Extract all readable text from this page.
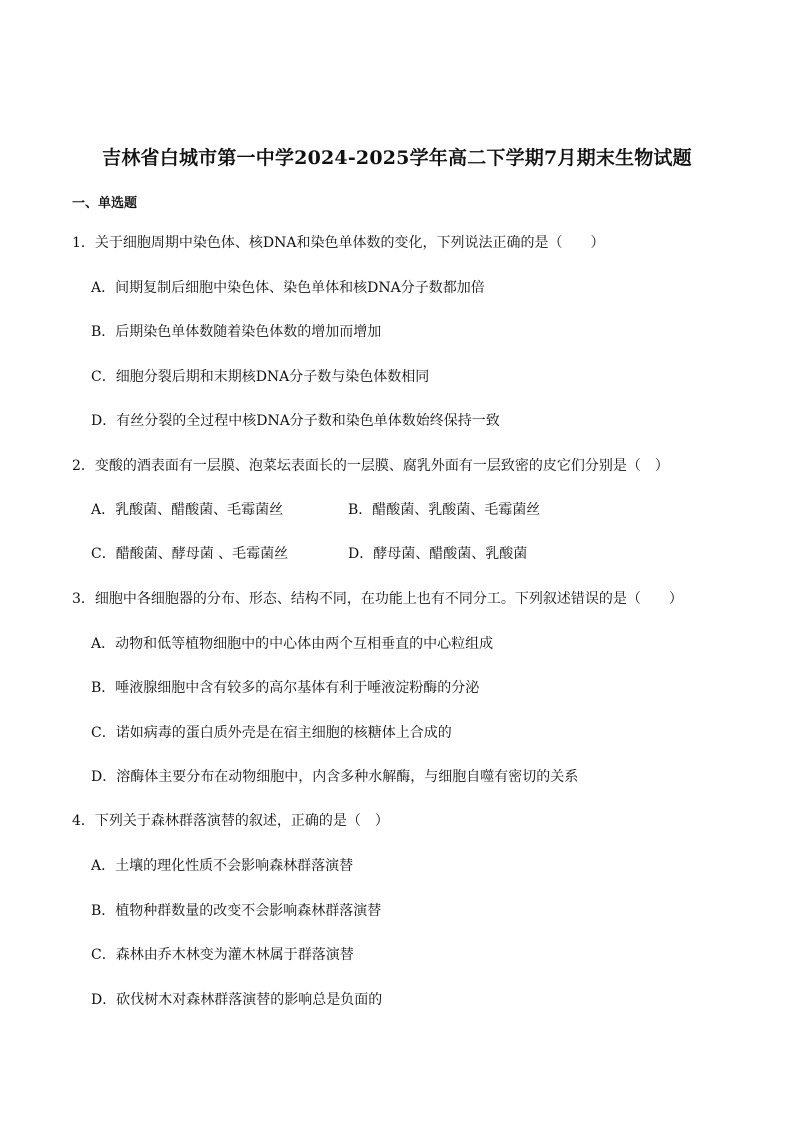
吉林省白城市第一中学2024-2025学年高二下学期7月期末生物试题
一、单选题
1．关于细胞周期中染色体、核DNA和染色单体数的变化，下列说法正确的是（　　）
A．间期复制后细胞中染色体、染色单体和核DNA分子数都加倍
B．后期染色单体数随着染色体数的增加而增加
C．细胞分裂后期和末期核DNA分子数与染色体数相同
D．有丝分裂的全过程中核DNA分子数和染色单体数始终保持一致
2．变酸的酒表面有一层膜、泡菜坛表面长的一层膜、腐乳外面有一层致密的皮它们分别是（　）
A．乳酸菌、醋酸菌、毛霉菌丝	B．醋酸菌、乳酸菌、毛霉菌丝
C．醋酸菌、酵母菌 、毛霉菌丝	D．酵母菌、醋酸菌、乳酸菌
3．细胞中各细胞器的分布、形态、结构不同，在功能上也有不同分工。下列叙述错误的是（　　）
A．动物和低等植物细胞中的中心体由两个互相垂直的中心粒组成
B．唾液腺细胞中含有较多的高尔基体有利于唾液淀粉酶的分泌
C．诺如病毒的蛋白质外壳是在宿主细胞的核糖体上合成的
D．溶酶体主要分布在动物细胞中，内含多种水解酶，与细胞自噬有密切的关系
4．下列关于森林群落演替的叙述，正确的是（　）
A．土壤的理化性质不会影响森林群落演替
B．植物种群数量的改变不会影响森林群落演替
C．森林由乔木林变为灌木林属于群落演替
D．砍伐树木对森林群落演替的影响总是负面的
